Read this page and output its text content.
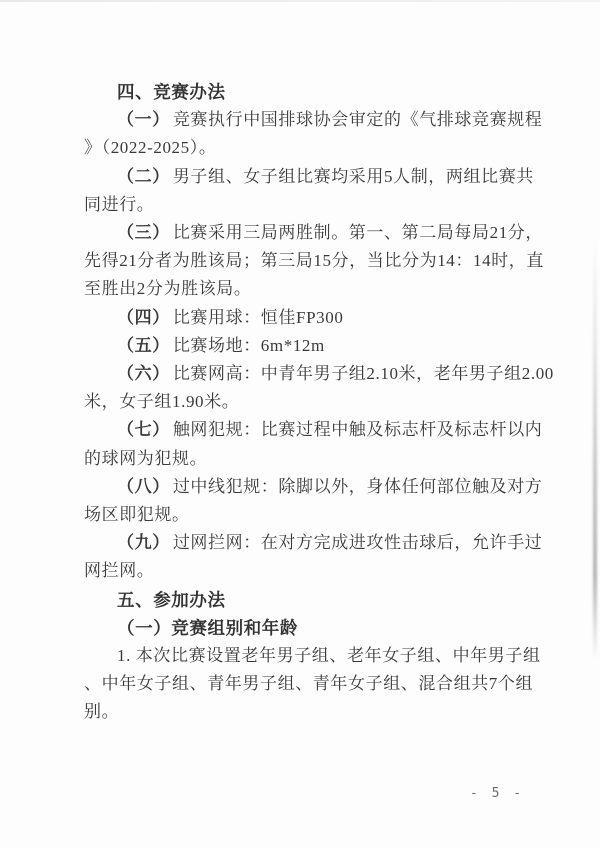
四、竞赛办法
（一） 竞赛执行中国排球协会审定的《气排球竞赛规程
》（2022-2025）。
（二） 男子组、女子组比赛均采用5人制，两组比赛共
同进行。
（三） 比赛采用三局两胜制。第一、第二局每局21分，
先得21分者为胜该局；第三局15分，当比分为14：14时，直
至胜出2分为胜该局。
（四） 比赛用球：恒佳FP300
（五） 比赛场地：6m*12m
（六） 比赛网高：中青年男子组2.10米，老年男子组2.00
米，女子组1.90米。
（七） 触网犯规：比赛过程中触及标志杆及标志杆以内
的球网为犯规。
（八） 过中线犯规：除脚以外，身体任何部位触及对方
场区即犯规。
（九） 过网拦网：在对方完成进攻性击球后，允许手过
网拦网。
五、参加办法
（一）竞赛组别和年龄
1. 本次比赛设置老年男子组、老年女子组、中年男子组
、中年女子组、青年男子组、青年女子组、混合组共7个组
别。
- 5 -
